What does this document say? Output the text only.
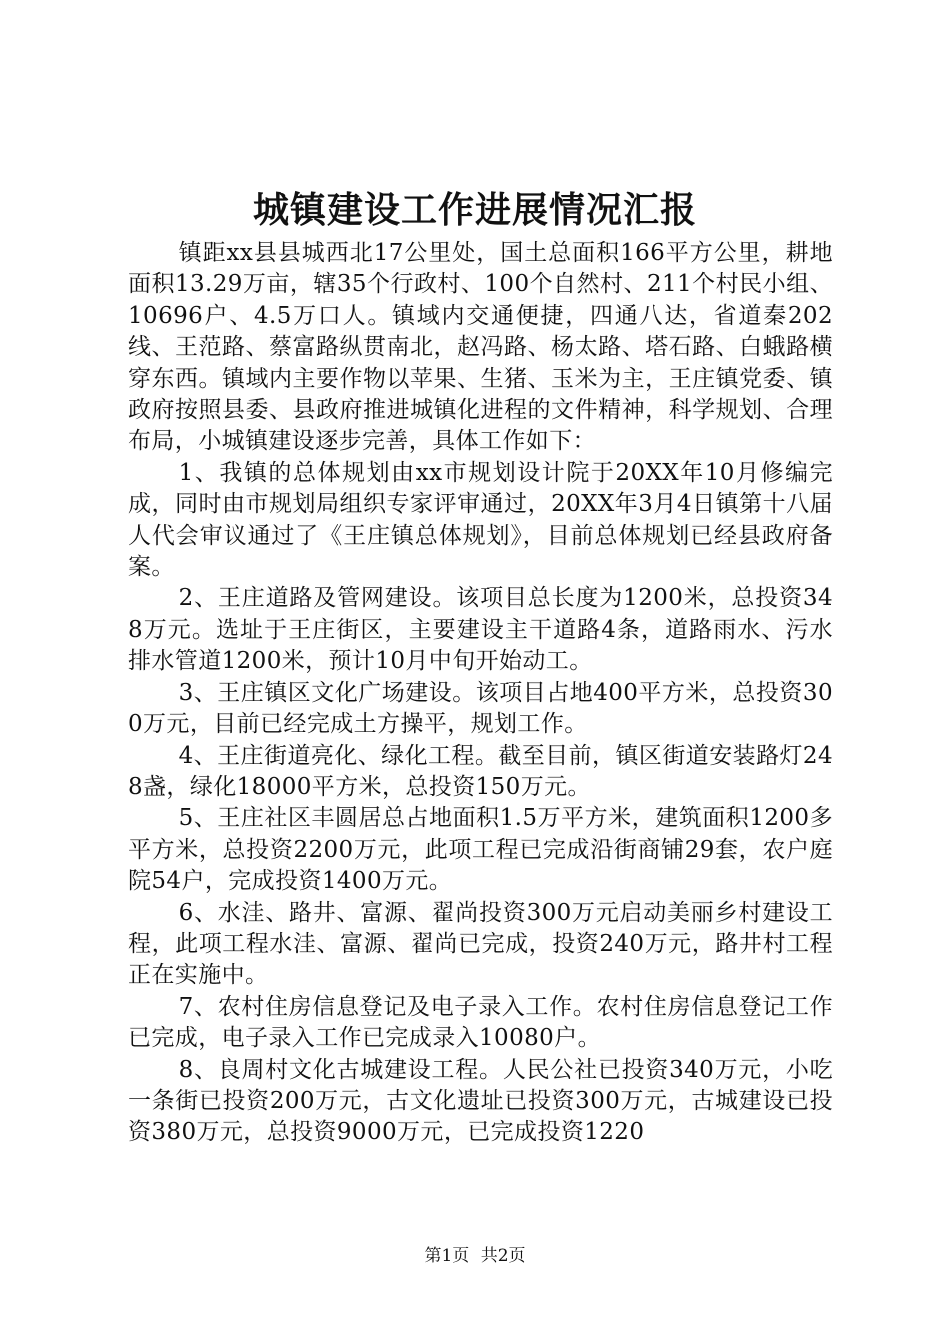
城镇建设工作进展情况汇报

镇距xx县县城西北17公里处，国土总面积166平方公里，耕地面积13.29万亩，辖35个行政村、100个自然村、211个村民小组、10696户、4.5万口人。镇域内交通便捷，四通八达，省道秦202线、王范路、蔡富路纵贯南北，赵冯路、杨太路、塔石路、白蛾路横穿东西。镇域内主要作物以苹果、生猪、玉米为主，王庄镇党委、镇政府按照县委、县政府推进城镇化进程的文件精神，科学规划、合理布局，小城镇建设逐步完善，具体工作如下：

1、我镇的总体规划由xx市规划设计院于20XX年10月修编完成，同时由市规划局组织专家评审通过，20XX年3月4日镇第十八届人代会审议通过了《王庄镇总体规划》，目前总体规划已经县政府备案。

2、王庄道路及管网建设。该项目总长度为1200米，总投资348万元。选址于王庄街区，主要建设主干道路4条，道路雨水、污水排水管道1200米，预计10月中旬开始动工。

3、王庄镇区文化广场建设。该项目占地400平方米，总投资300万元，目前已经完成土方操平，规划工作。

4、王庄街道亮化、绿化工程。截至目前，镇区街道安装路灯248盏，绿化18000平方米，总投资150万元。

5、王庄社区丰圆居总占地面积1.5万平方米，建筑面积1200多平方米，总投资2200万元，此项工程已完成沿街商铺29套，农户庭院54户，完成投资1400万元。

6、水洼、路井、富源、翟尚投资300万元启动美丽乡村建设工程，此项工程水洼、富源、翟尚已完成，投资240万元，路井村工程正在实施中。

7、农村住房信息登记及电子录入工作。农村住房信息登记工作已完成，电子录入工作已完成录入10080户。

8、良周村文化古城建设工程。人民公社已投资340万元，小吃一条街已投资200万元，古文化遗址已投资300万元，古城建设已投资380万元，总投资9000万元，已完成投资1220

第1页 共2页
